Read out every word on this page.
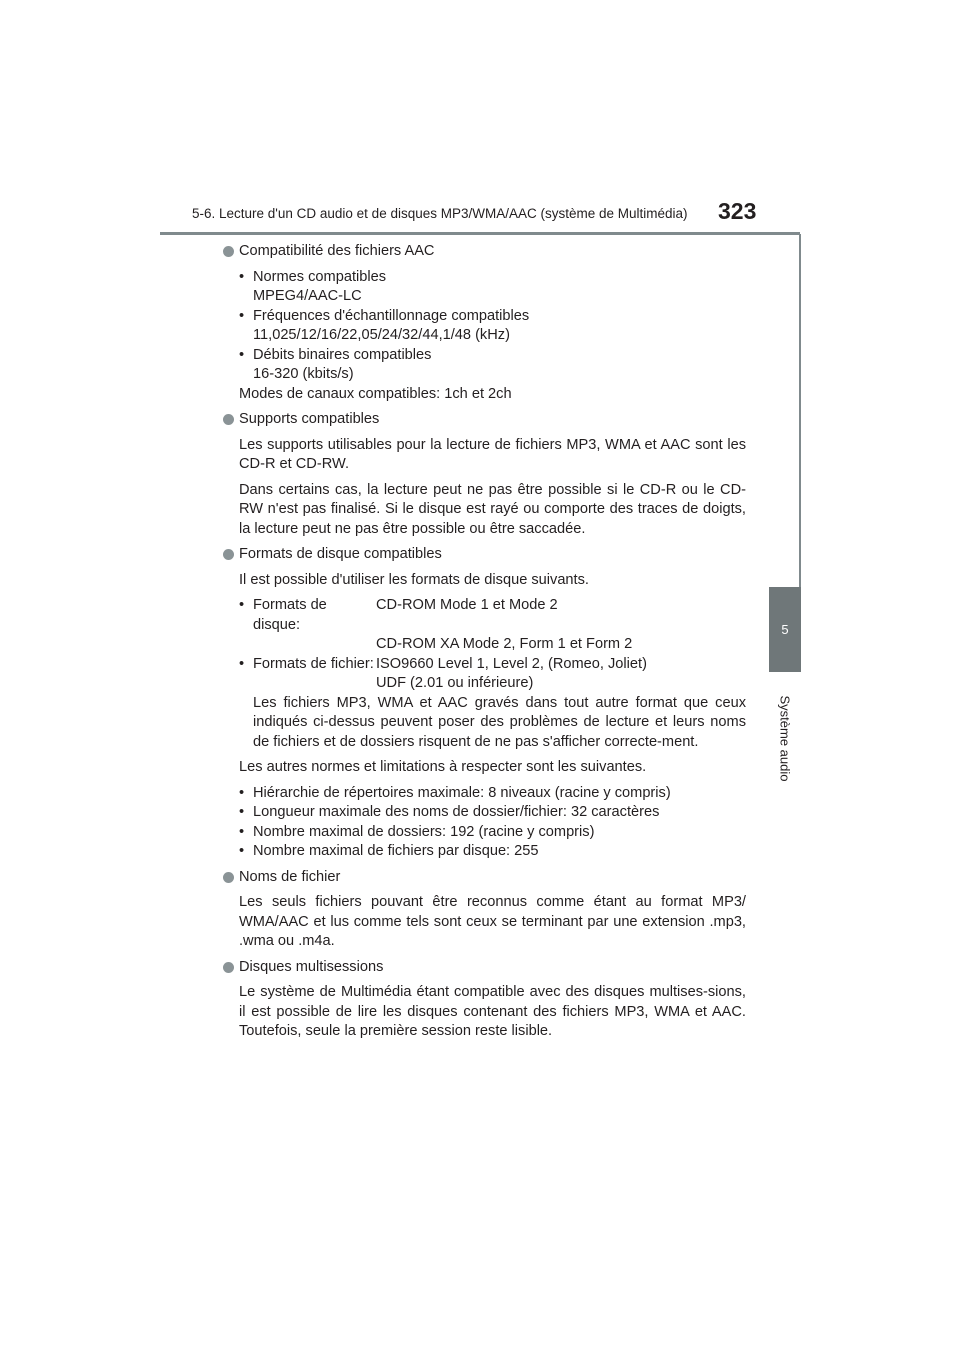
5-6. Lecture d'un CD audio et de disques MP3/WMA/AAC (système de Multimédia) 323
5
Système audio
Compatibilité des fichiers AAC
• Normes compatibles
MPEG4/AAC-LC
• Fréquences d'échantillonnage compatibles
11,025/12/16/22,05/24/32/44,1/48 (kHz)
• Débits binaires compatibles
16-320 (kbits/s)
Modes de canaux compatibles: 1ch et 2ch
Supports compatibles

Les supports utilisables pour la lecture de fichiers MP3, WMA et AAC sont les CD-R et CD-RW.

Dans certains cas, la lecture peut ne pas être possible si le CD-R ou le CD-RW n'est pas finalisé. Si le disque est rayé ou comporte des traces de doigts, la lecture peut ne pas être possible ou être saccadée.

Formats de disque compatibles

Il est possible d'utiliser les formats de disque suivants.

• Formats de disque:
CD-ROM Mode 1 et Mode 2
CD-ROM XA Mode 2, Form 1 et Form 2
• Formats de fichier: ISO9660 Level 1, Level 2, (Romeo, Joliet)
UDF (2.01 ou inférieure)

Les fichiers MP3, WMA et AAC gravés dans tout autre format que ceux indiqués ci-dessus peuvent poser des problèmes de lecture et leurs noms de fichiers et de dossiers risquent de ne pas s'afficher correcte-ment.

Les autres normes et limitations à respecter sont les suivantes.

• Hiérarchie de répertoires maximale: 8 niveaux (racine y compris)
• Longueur maximale des noms de dossier/fichier: 32 caractères
• Nombre maximal de dossiers: 192 (racine y compris)
• Nombre maximal de fichiers par disque: 255
Noms de fichier

Les seuls fichiers pouvant être reconnus comme étant au format MP3/ WMA/AAC et lus comme tels sont ceux se terminant par une extension .mp3, .wma ou .m4a.

Disques multisessions

Le système de Multimédia étant compatible avec des disques multises-sions, il est possible de lire les disques contenant des fichiers MP3, WMA et AAC. Toutefois, seule la première session reste lisible.
